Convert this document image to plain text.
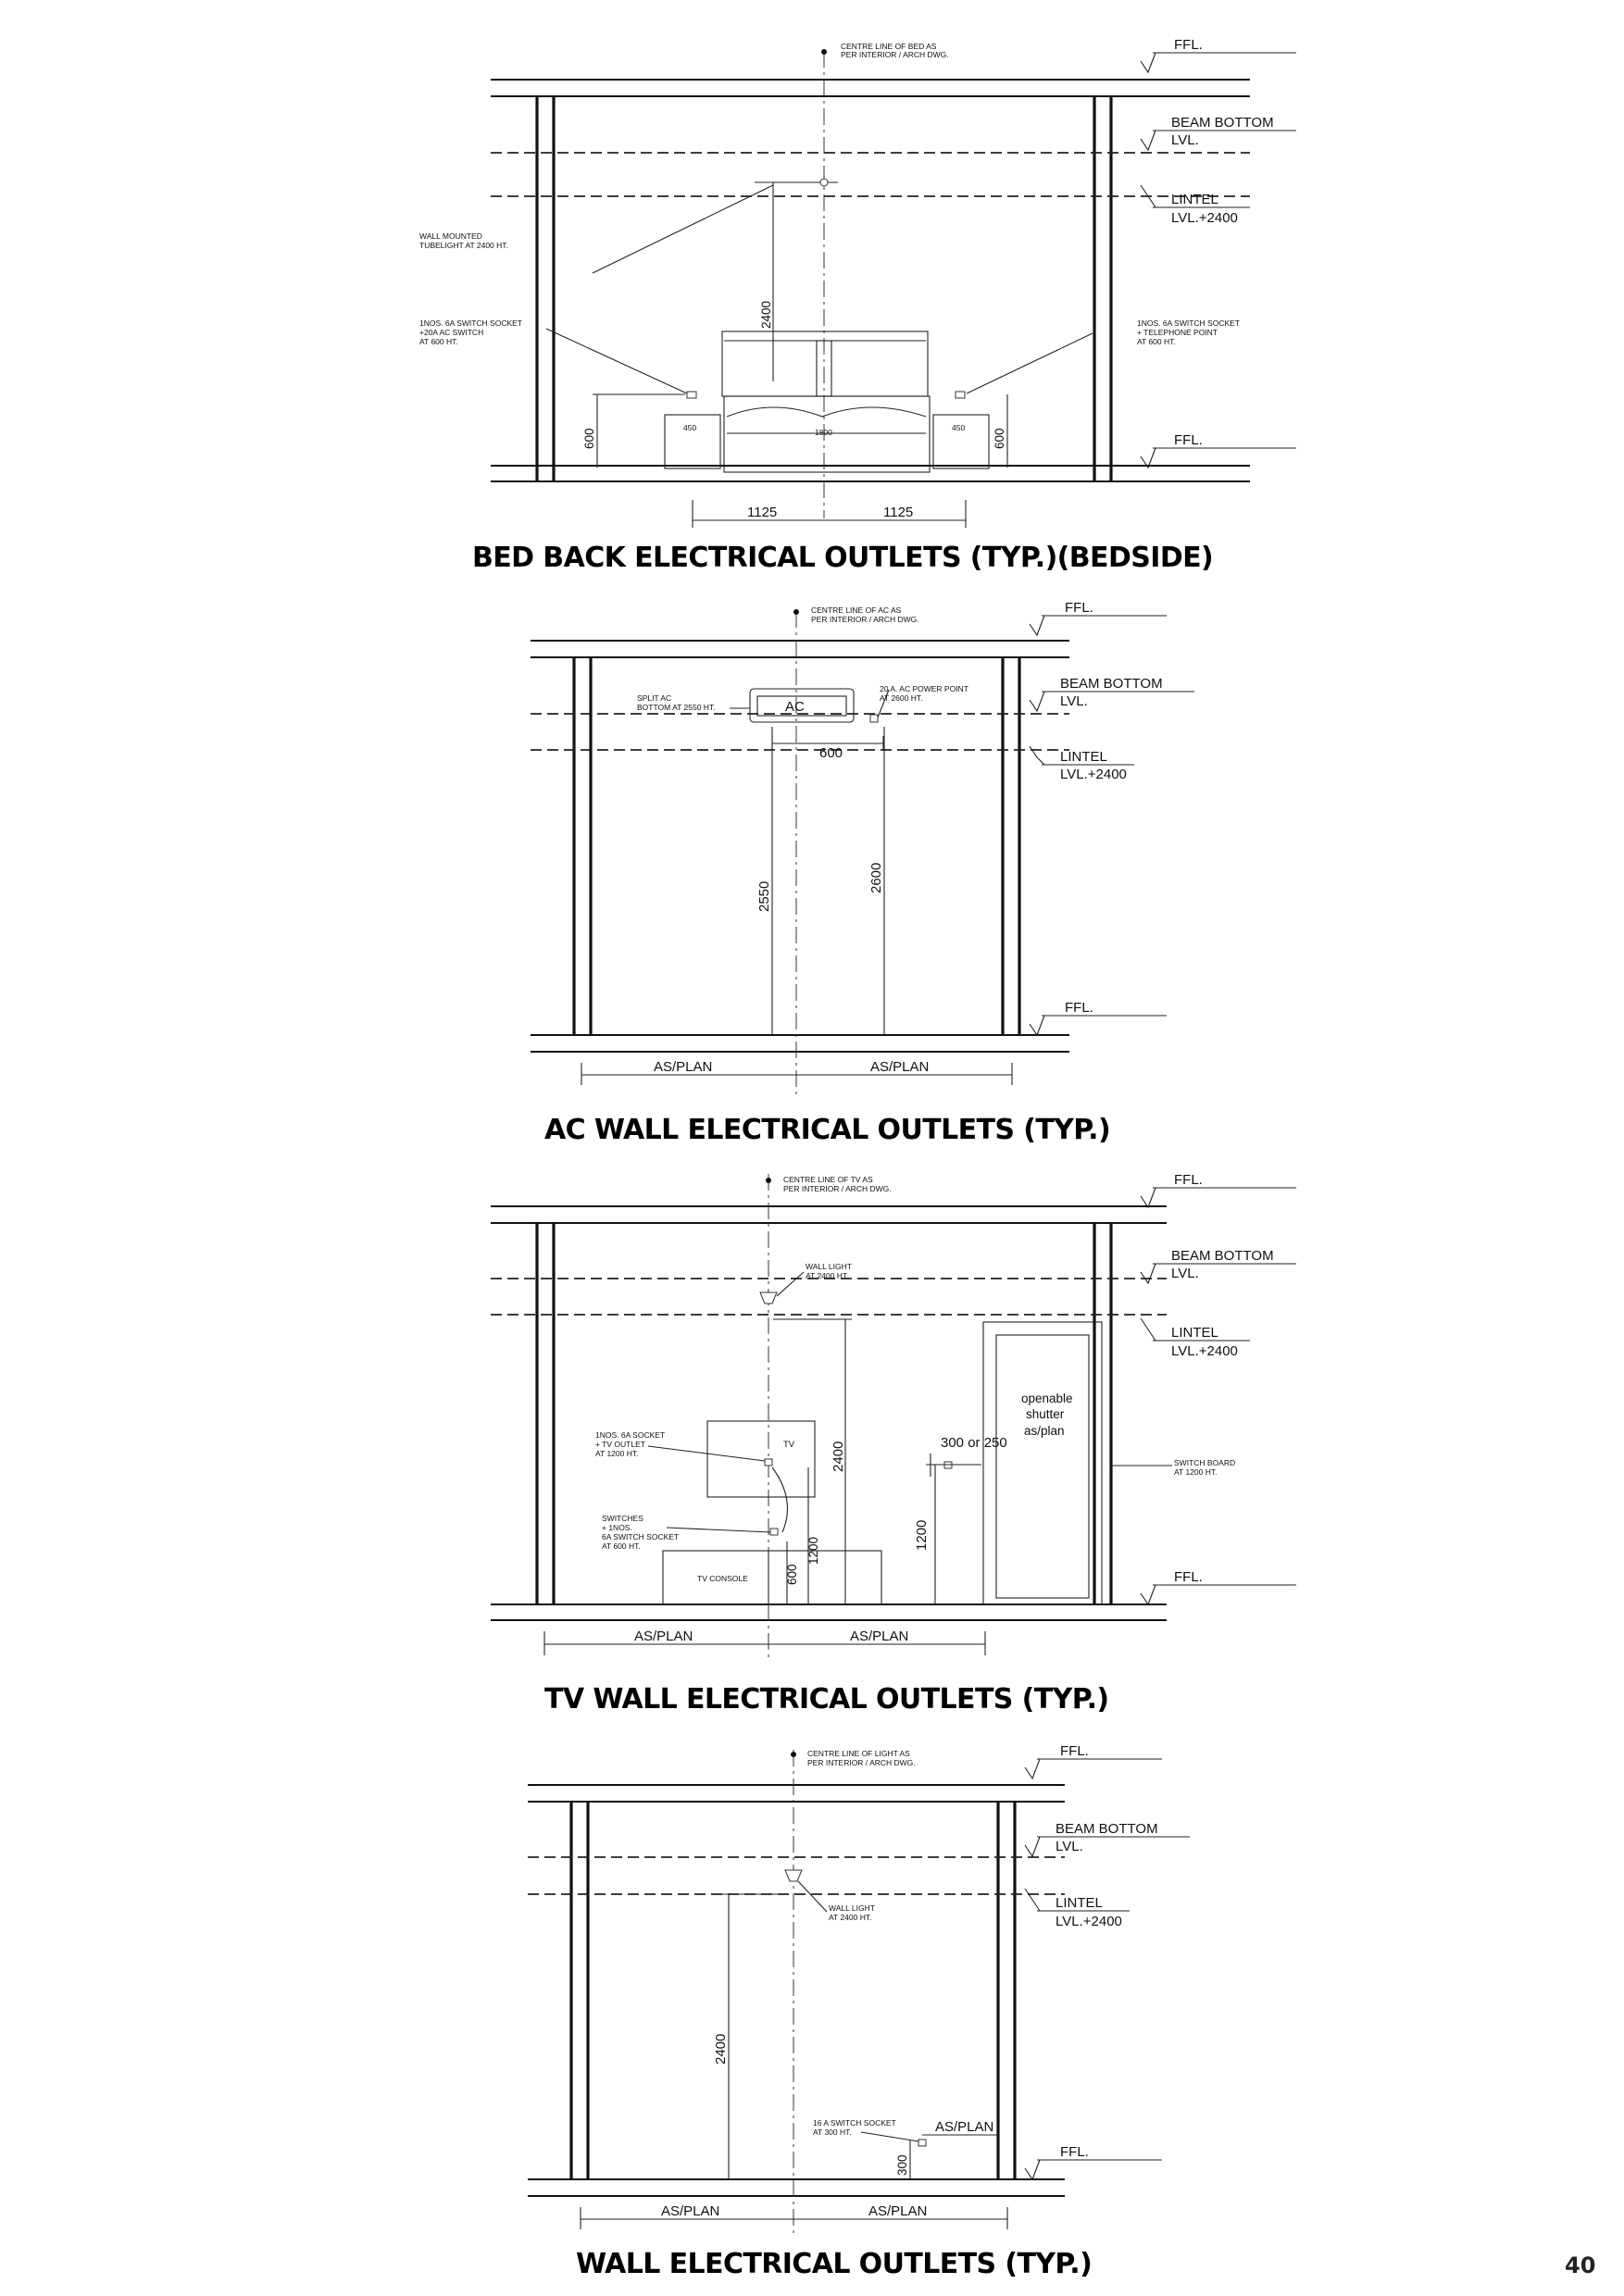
CENTRE LINE OF BED AS
PER INTERIOR / ARCH DWG.
WALL MOUNTED
TUBELIGHT AT 2400 HT.
2400
1800
450	450
1NOS. 6A SWITCH SOCKET
+20A AC SWITCH
AT 600 HT.
1NOS. 6A SWITCH SOCKET
+ TELEPHONE POINT
AT 600 HT.
600	600
1125	1125
FFL.
BEAM BOTTOM
LVL.
LINTEL
LVL.+2400
FFL.
BED BACK ELECTRICAL OUTLETS (TYP.)(BEDSIDE)
CENTRE LINE OF AC AS
PER INTERIOR / ARCH DWG.
AC
SPLIT AC
BOTTOM AT 2550 HT.
20 A. AC POWER POINT
AT 2600 HT.
600
2550
2600
AS/PLAN	AS/PLAN
FFL.
BEAM BOTTOM
LVL.
LINTEL
LVL.+2400
FFL.
AC WALL ELECTRICAL OUTLETS (TYP.)
CENTRE LINE OF TV AS
PER INTERIOR / ARCH DWG.
WALL LIGHT
AT 2400 HT.
2400
TV
1NOS. 6A SOCKET
+ TV OUTLET
AT 1200 HT.
SWITCHES
+ 1NOS.
6A SWITCH SOCKET
AT 600 HT.
TV CONSOLE	600
1200
openable
shutter
as/plan
300 or 250
1200
SWITCH BOARD
AT 1200 HT.
AS/PLAN	AS/PLAN
FFL.
BEAM BOTTOM
LVL.
LINTEL
LVL.+2400
FFL.
TV WALL ELECTRICAL OUTLETS (TYP.)
CENTRE LINE OF LIGHT AS
PER INTERIOR / ARCH DWG.
WALL LIGHT
AT 2400 HT.
2400
16 A SWITCH SOCKET
AT 300 HT.	AS/PLAN
300
AS/PLAN	AS/PLAN
FFL.
BEAM BOTTOM
LVL.
LINTEL
LVL.+2400
FFL.
WALL ELECTRICAL OUTLETS (TYP.)	40
